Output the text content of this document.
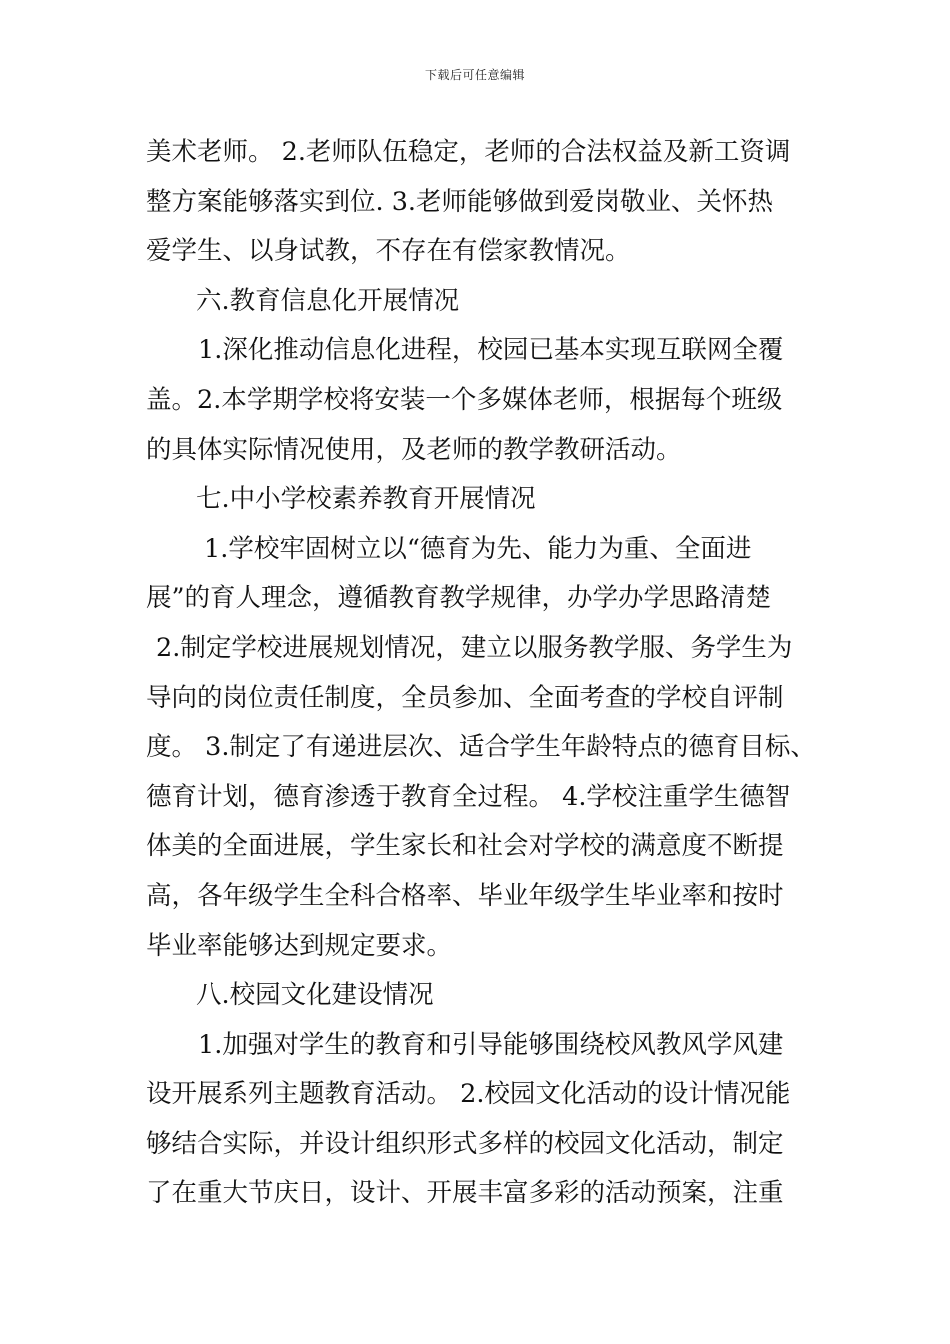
下载后可任意编辑
美术老师。 2.老师队伍稳定，老师的合法权益及新工资调
整方案能够落实到位. 3.老师能够做到爱岗敬业、关怀热
爱学生、以身试教，不存在有偿家教情况。
六.教育信息化开展情况
1.深化推动信息化进程，校园已基本实现互联网全覆
盖。2.本学期学校将安装一个多媒体老师，根据每个班级
的具体实际情况使用，及老师的教学教研活动。
七.中小学校素养教育开展情况
1.学校牢固树立以“德育为先、能力为重、全面进
展”的育人理念，遵循教育教学规律，办学办学思路清楚
2.制定学校进展规划情况，建立以服务教学服、务学生为
导向的岗位责任制度，全员参加、全面考查的学校自评制
度。 3.制定了有递进层次、适合学生年龄特点的德育目标、
德育计划，德育渗透于教育全过程。 4.学校注重学生德智
体美的全面进展，学生家长和社会对学校的满意度不断提
高，各年级学生全科合格率、毕业年级学生毕业率和按时
毕业率能够达到规定要求。
八.校园文化建设情况
1.加强对学生的教育和引导能够围绕校风教风学风建
设开展系列主题教育活动。 2.校园文化活动的设计情况能
够结合实际，并设计组织形式多样的校园文化活动，制定
了在重大节庆日，设计、开展丰富多彩的活动预案，注重
